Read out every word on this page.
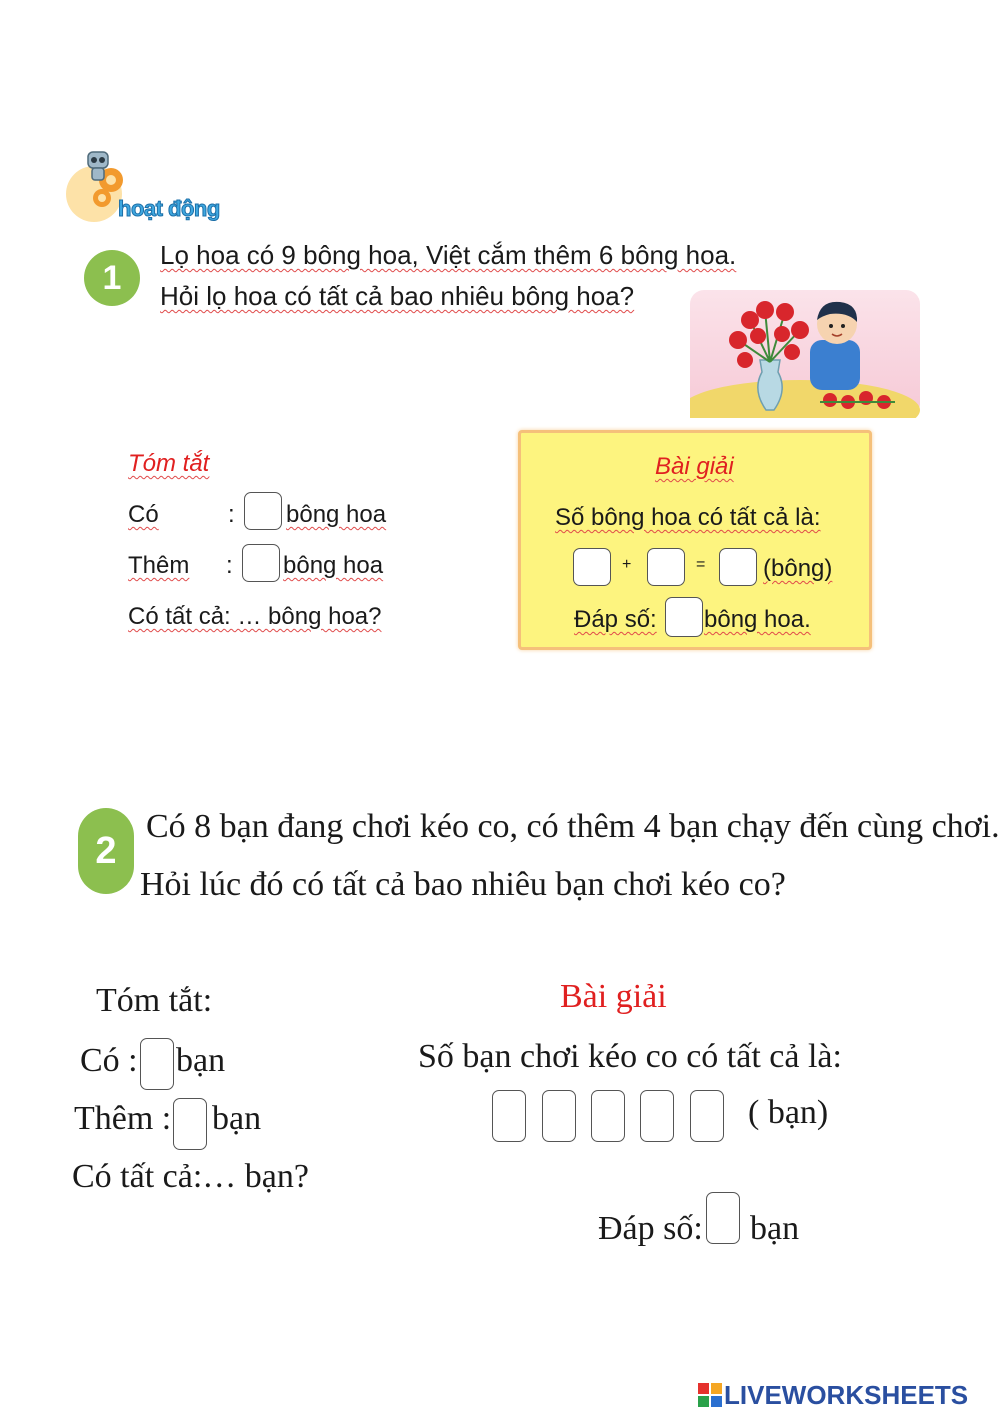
hoạt động
1
Lọ hoa có 9 bông hoa, Việt cắm thêm 6 bông hoa.
Hỏi lọ hoa có tất cả bao nhiêu bông hoa?
Tóm tắt
Có	: bông hoa
Thêm : bông hoa
Có tất cả: … bông hoa?
Bài giải
Số bông hoa có tất cả là:
+	= (bông)
Đáp số: bông hoa.
2
Có 8 bạn đang chơi kéo co, có thêm 4 bạn chạy đến cùng chơi.
Hỏi lúc đó có tất cả bao nhiêu bạn chơi kéo co?
Tóm tắt:
Có : bạn
Thêm : bạn
Có tất cả:… bạn?
Bài giải
Số bạn chơi kéo co có tất cả là:
( bạn)
Đáp số: bạn
LIVEWORKSHEETS
